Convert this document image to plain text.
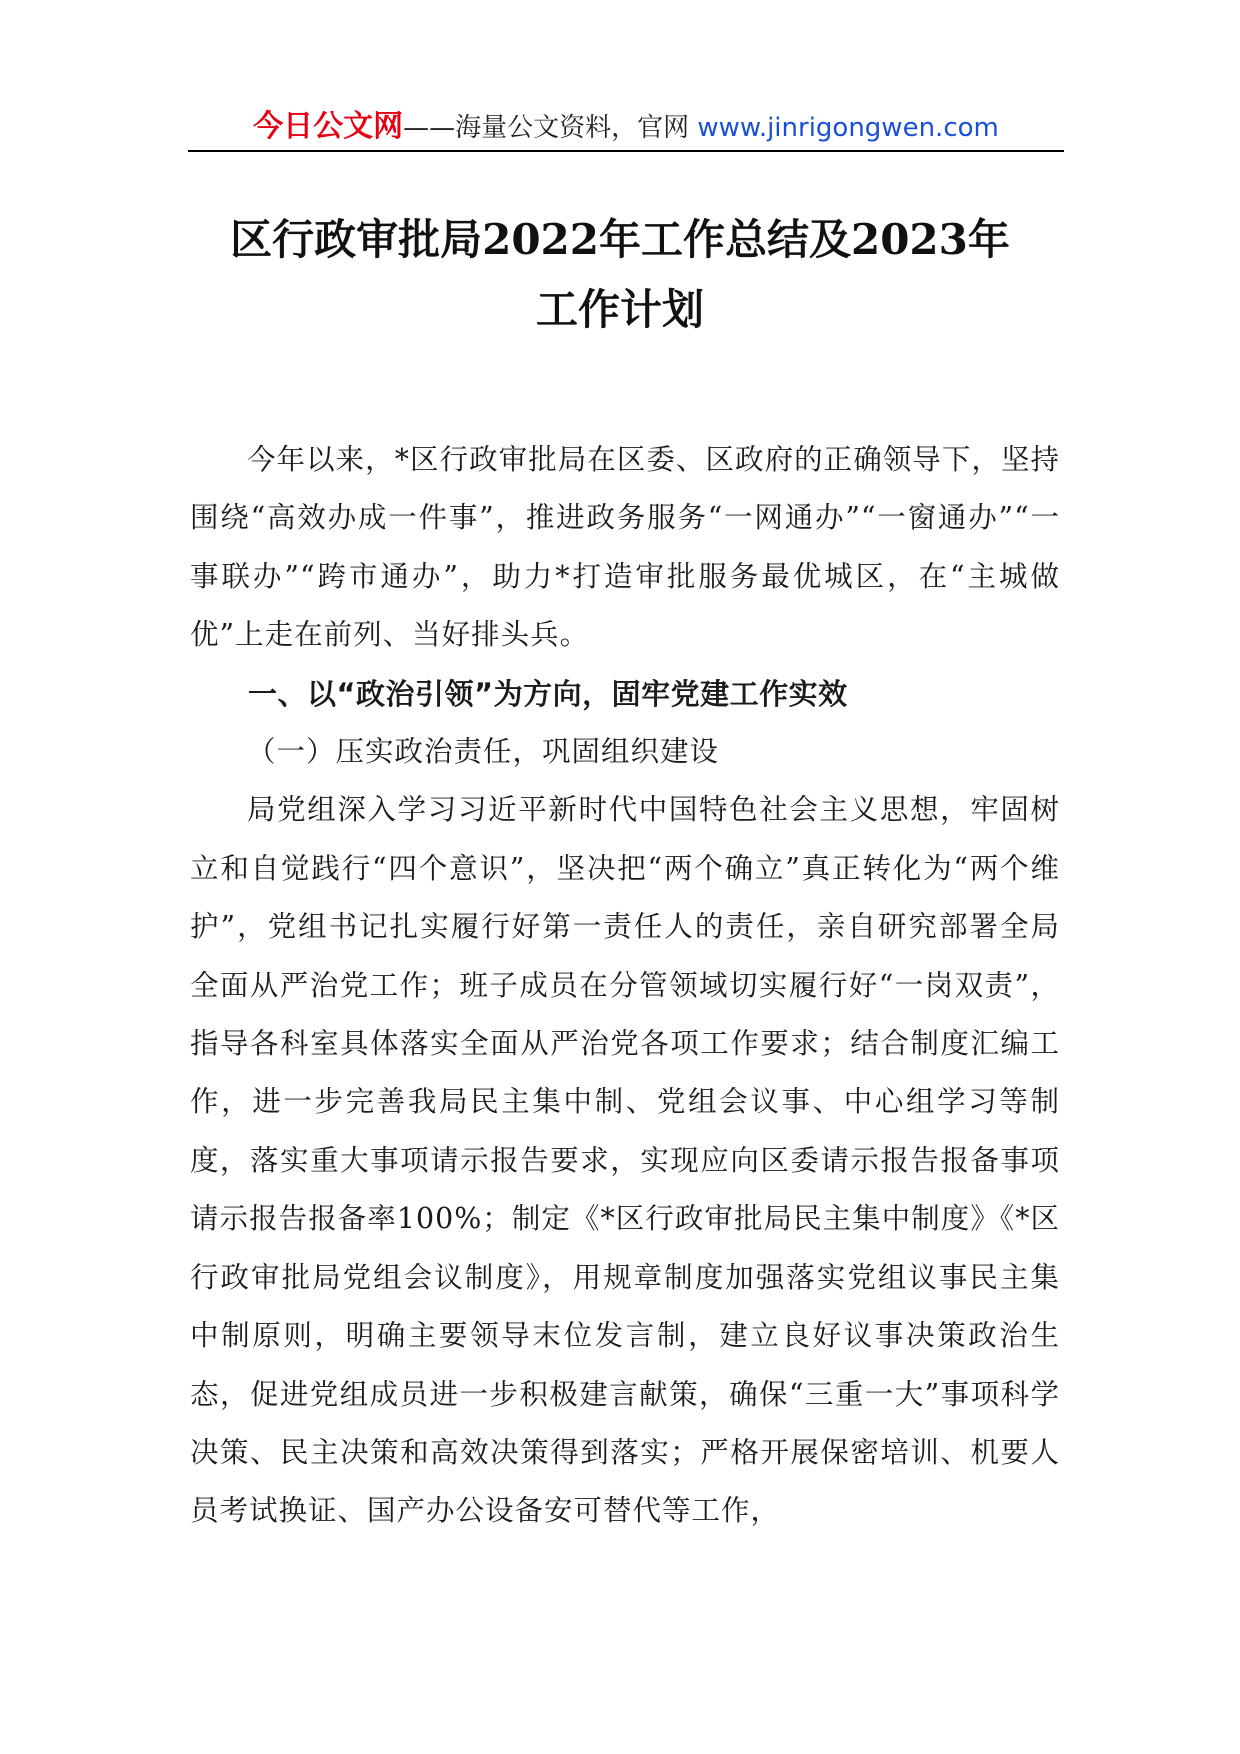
今日公文网——海量公文资料，官网 www.jinrigongwen.com
区行政审批局2022年工作总结及2023年
工作计划

今年以来，*区行政审批局在区委、区政府的正确领导下，坚持围绕“高效办成一件事”，推进政务服务“一网通办”“一窗通办”“一事联办”“跨市通办”，助力*打造审批服务最优城区，在“主城做优”上走在前列、当好排头兵。

一、以“政治引领”为方向，固牢党建工作实效

（一）压实政治责任，巩固组织建设

局党组深入学习习近平新时代中国特色社会主义思想，牢固树立和自觉践行“四个意识”，坚决把“两个确立”真正转化为“两个维护”，党组书记扎实履行好第一责任人的责任，亲自研究部署全局全面从严治党工作；班子成员在分管领域切实履行好“一岗双责”，指导各科室具体落实全面从严治党各项工作要求；结合制度汇编工作，进一步完善我局民主集中制、党组会议事、中心组学习等制度，落实重大事项请示报告要求，实现应向区委请示报告报备事项请示报告报备率100%；制定《*区行政审批局民主集中制度》《*区行政审批局党组会议制度》，用规章制度加强落实党组议事民主集中制原则，明确主要领导末位发言制，建立良好议事决策政治生态，促进党组成员进一步积极建言献策，确保“三重一大”事项科学决策、民主决策和高效决策得到落实；严格开展保密培训、机要人员考试换证、国产办公设备安可替代等工作，
